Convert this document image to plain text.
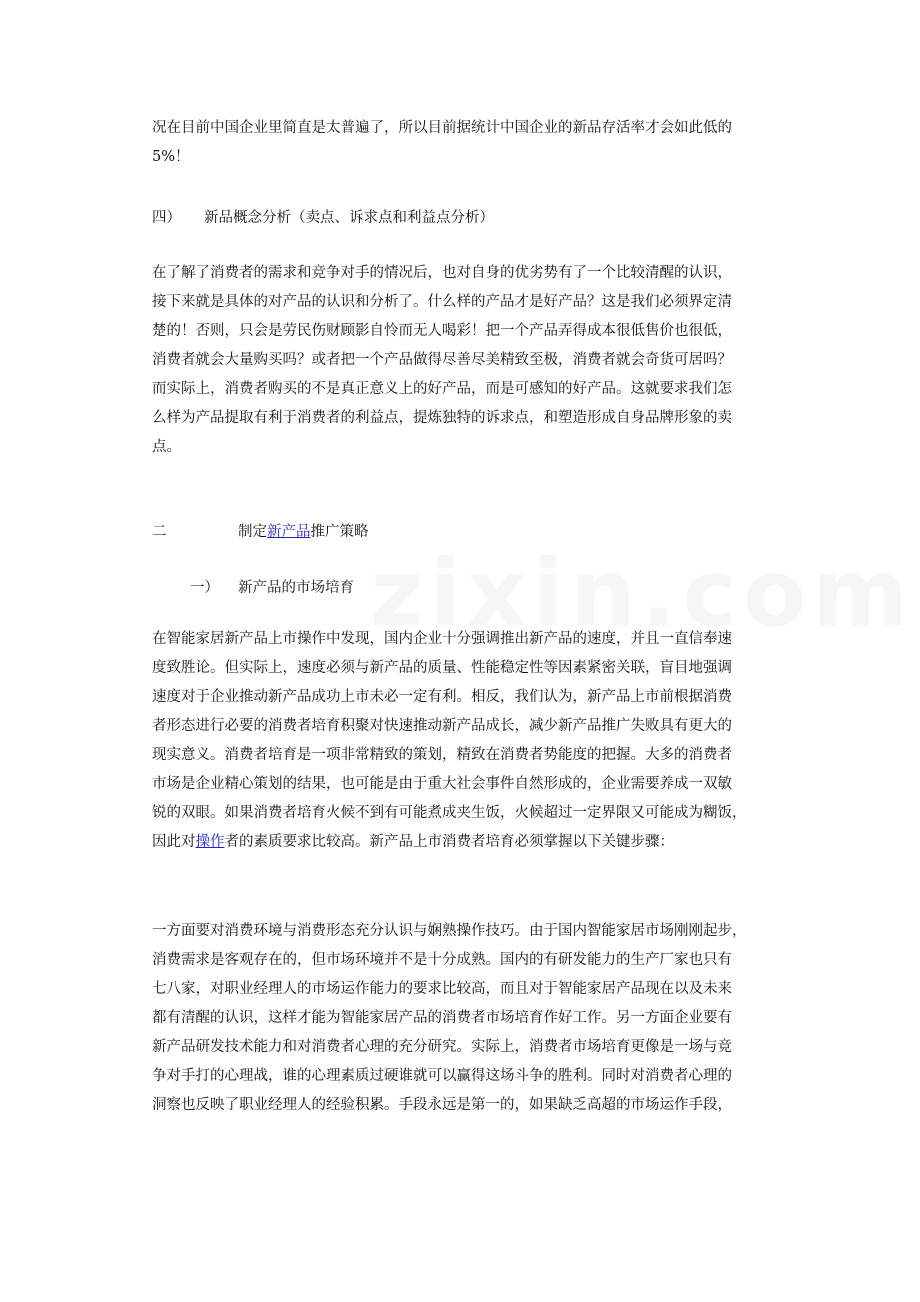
况在目前中国企业里简直是太普遍了，所以目前据统计中国企业的新品存活率才会如此低的
5%！
四） 新品概念分析（卖点、诉求点和利益点分析）
在了解了消费者的需求和竞争对手的情况后，也对自身的优劣势有了一个比较清醒的认识，
接下来就是具体的对产品的认识和分析了。什么样的产品才是好产品？这是我们必须界定清
楚的！否则，只会是劳民伤财顾影自怜而无人喝彩！把一个产品弄得成本很低售价也很低，
消费者就会大量购买吗？或者把一个产品做得尽善尽美精致至极，消费者就会奇货可居吗？
而实际上，消费者购买的不是真正意义上的好产品，而是可感知的好产品。这就要求我们怎
么样为产品提取有利于消费者的利益点，提炼独特的诉求点，和塑造形成自身品牌形象的卖
点。
二	制定新产品推广策略
一） 新产品的市场培育
在智能家居新产品上市操作中发现，国内企业十分强调推出新产品的速度，并且一直信奉速
度致胜论。但实际上，速度必须与新产品的质量、性能稳定性等因素紧密关联，盲目地强调
速度对于企业推动新产品成功上市未必一定有利。相反，我们认为，新产品上市前根据消费
者形态进行必要的消费者培育积聚对快速推动新产品成长，减少新产品推广失败具有更大的
现实意义。消费者培育是一项非常精致的策划，精致在消费者势能度的把握。大多的消费者
市场是企业精心策划的结果，也可能是由于重大社会事件自然形成的，企业需要养成一双敏
锐的双眼。如果消费者培育火候不到有可能煮成夹生饭，火候超过一定界限又可能成为糊饭，
因此对操作者的素质要求比较高。新产品上市消费者培育必须掌握以下关键步骤：
一方面要对消费环境与消费形态充分认识与娴熟操作技巧。由于国内智能家居市场刚刚起步，
消费需求是客观存在的，但市场环境并不是十分成熟。国内的有研发能力的生产厂家也只有
七八家，对职业经理人的市场运作能力的要求比较高，而且对于智能家居产品现在以及未来
都有清醒的认识，这样才能为智能家居产品的消费者市场培育作好工作。另一方面企业要有
新产品研发技术能力和对消费者心理的充分研究。实际上，消费者市场培育更像是一场与竞
争对手打的心理战，谁的心理素质过硬谁就可以赢得这场斗争的胜利。同时对消费者心理的
洞察也反映了职业经理人的经验积累。手段永远是第一的，如果缺乏高超的市场运作手段，
